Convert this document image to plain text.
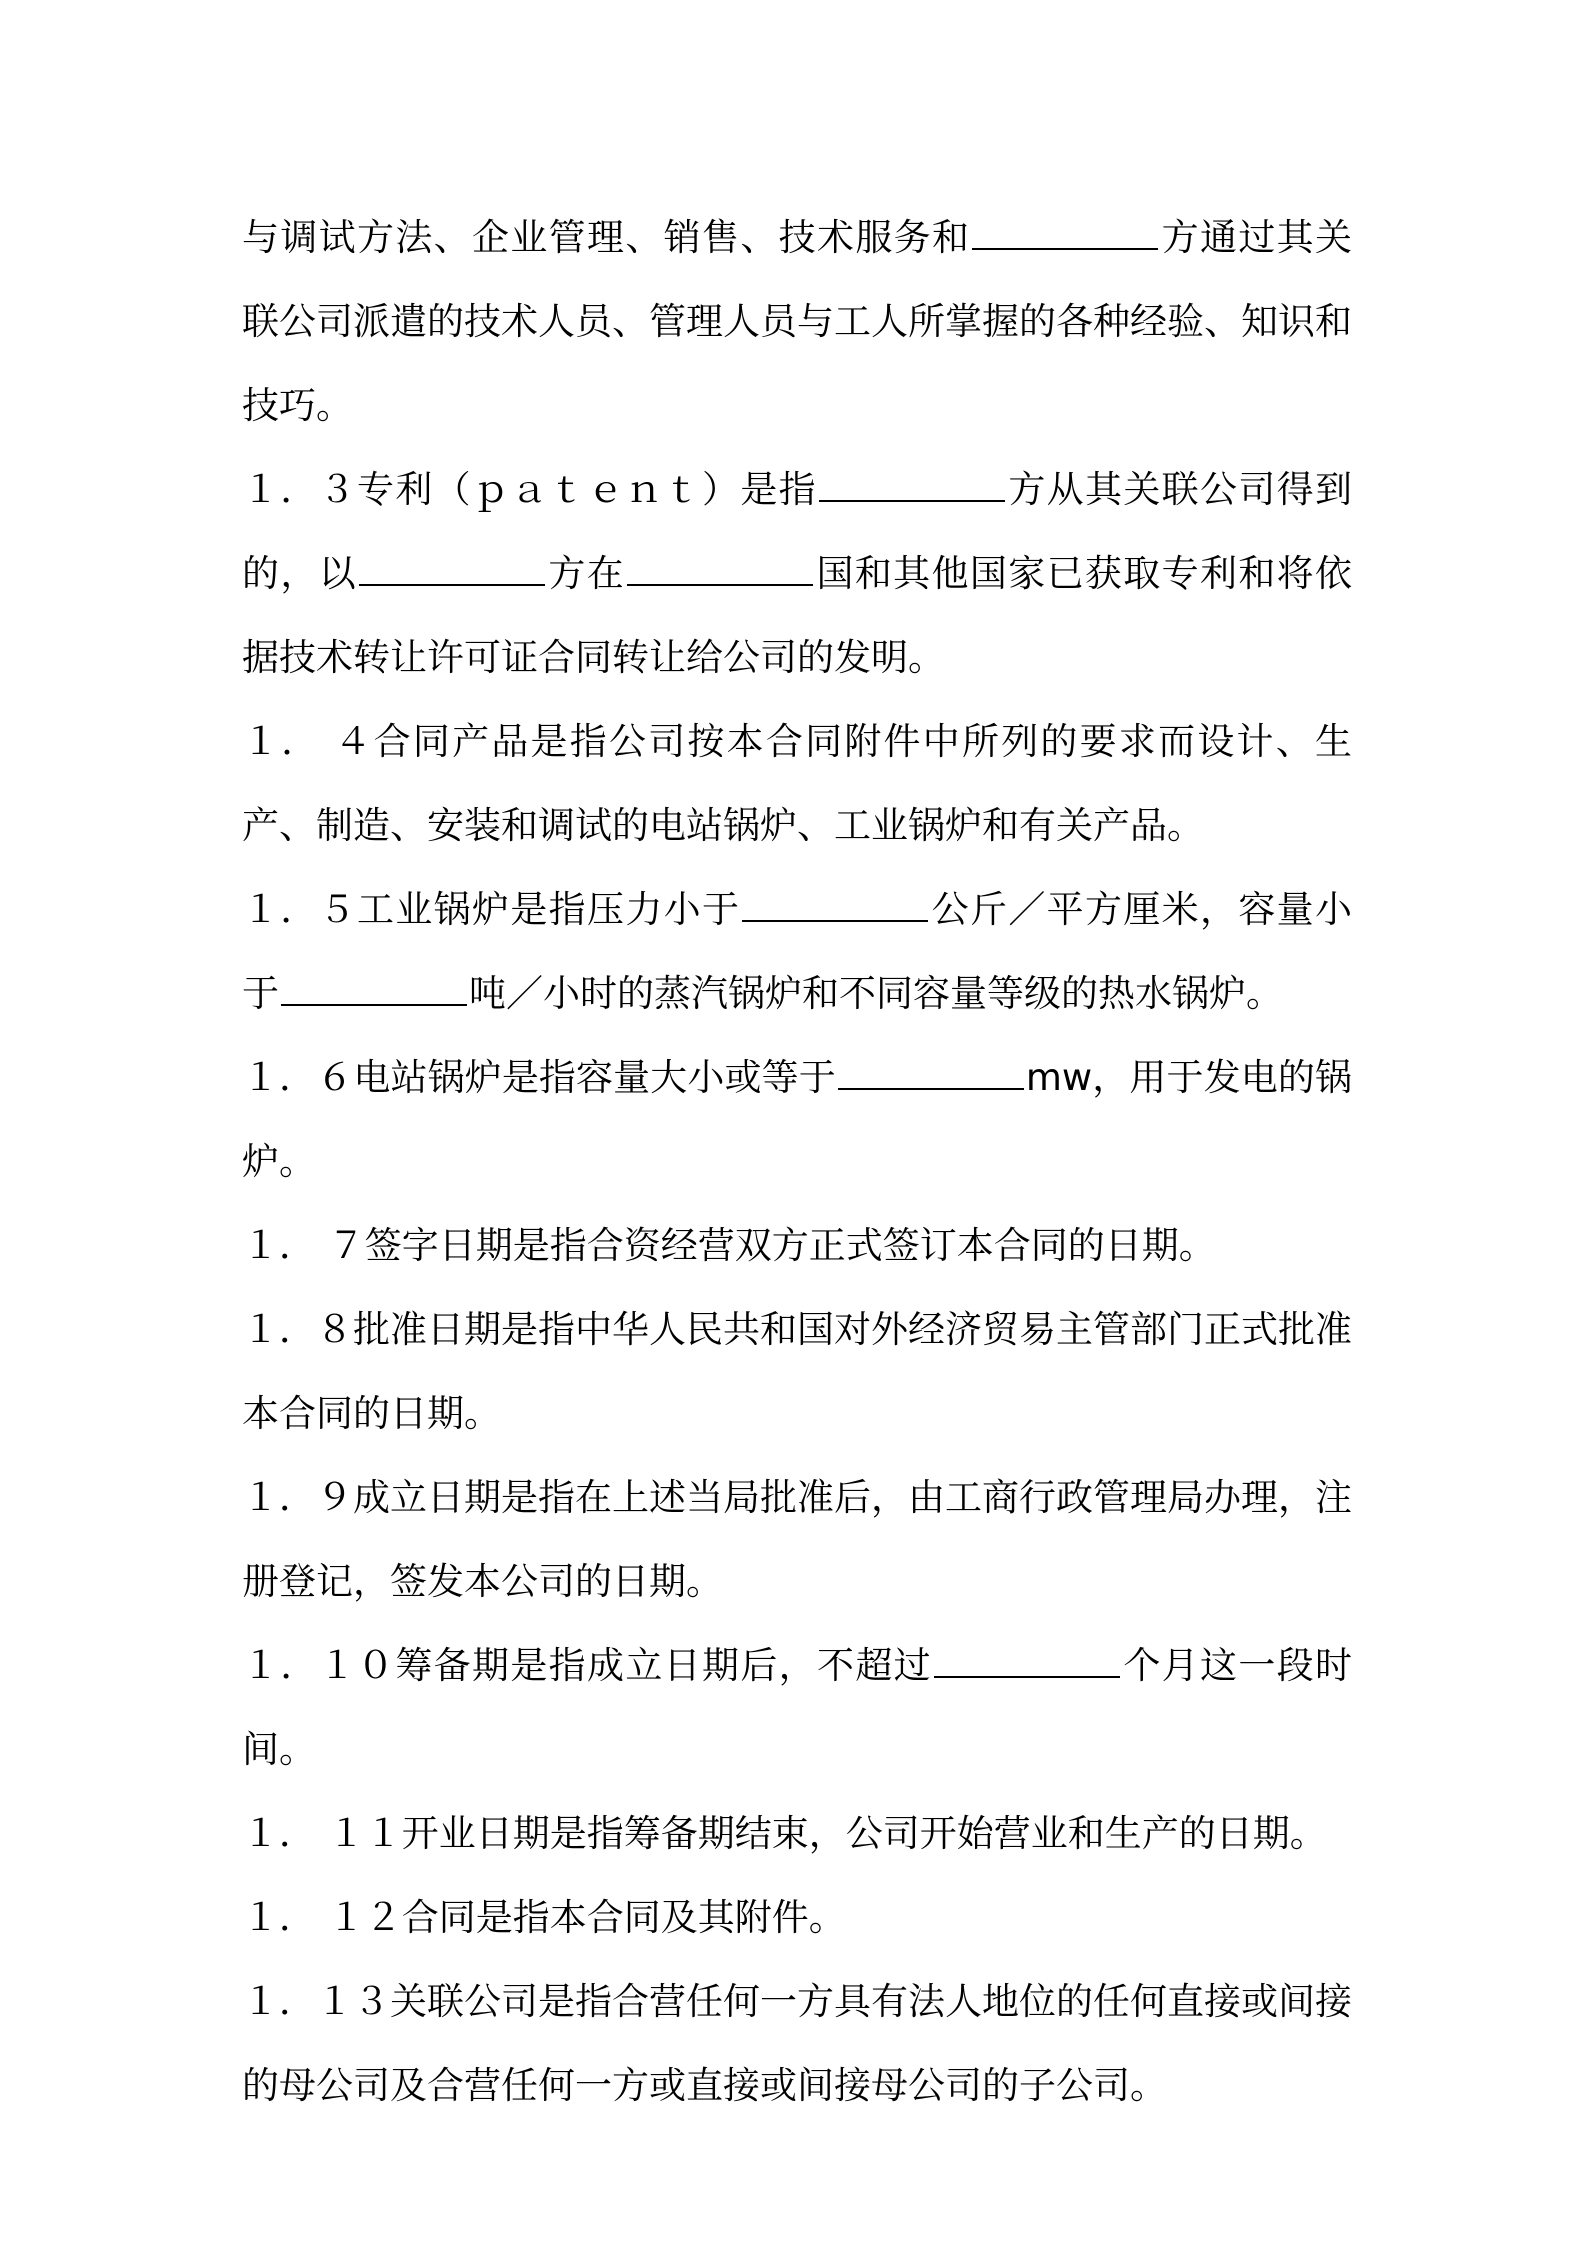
与调试方法、企业管理、销售、技术服务和	方通过其关联公司派遣的技术人员、管理人员与工人所掌握的各种经验、知识和技巧。

１．３专利（ｐａｔｅｎｔ）是指	方从其关联公司得到的，以	方在	国和其他国家已获取专利和将依据技术转让许可证合同转让给公司的发明。

１． ４合同产品是指公司按本合同附件中所列的要求而设计、生产、制造、安装和调试的电站锅炉、工业锅炉和有关产品。

１．５工业锅炉是指压力小于	公斤／平方厘米，容量小于	吨／小时的蒸汽锅炉和不同容量等级的热水锅炉。

１．６电站锅炉是指容量大小或等于	mw，用于发电的锅炉。

１． ７签字日期是指合资经营双方正式签订本合同的日期。

１．８批准日期是指中华人民共和国对外经济贸易主管部门正式批准本合同的日期。

１．９成立日期是指在上述当局批准后，由工商行政管理局办理，注册登记，签发本公司的日期。

１．１０筹备期是指成立日期后，不超过	个月这一段时间。

１． １１开业日期是指筹备期结束，公司开始营业和生产的日期。

１． １２合同是指本合同及其附件。

１．１３关联公司是指合营任何一方具有法人地位的任何直接或间接的母公司及合营任何一方或直接或间接母公司的子公司。
